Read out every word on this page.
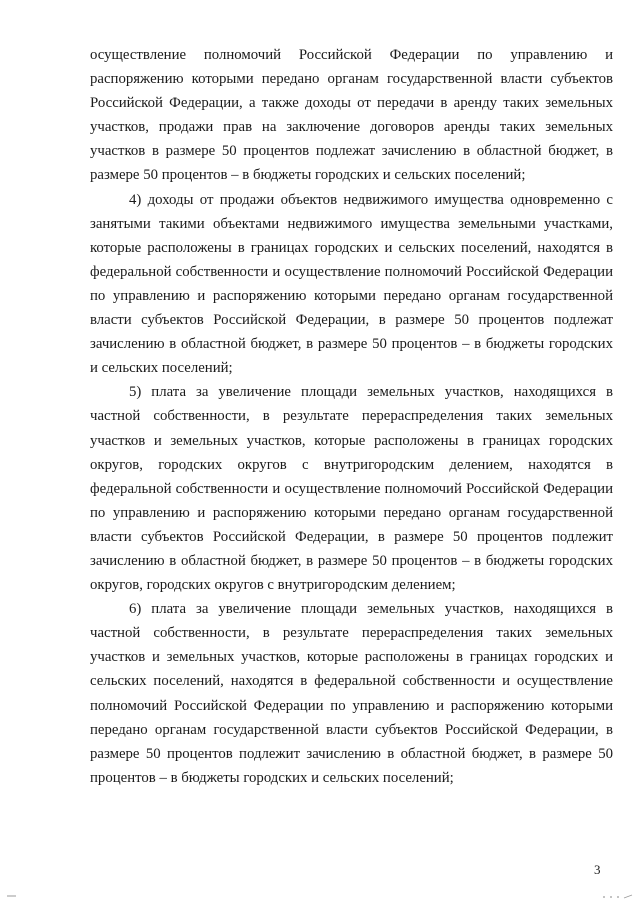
осуществление полномочий Российской Федерации по управлению и распоряжению которыми передано органам государственной власти субъектов Российской Федерации, а также доходы от передачи в аренду таких земельных участков, продажи прав на заключение договоров аренды таких земельных участков в размере 50 процентов подлежат зачислению в областной бюджет, в размере 50 процентов – в бюджеты городских и сельских поселений;

4) доходы от продажи объектов недвижимого имущества одновременно с занятыми такими объектами недвижимого имущества земельными участками, которые расположены в границах городских и сельских поселений, находятся в федеральной собственности и осуществление полномочий Российской Федерации по управлению и распоряжению которыми передано органам государственной власти субъектов Российской Федерации, в размере 50 процентов подлежат зачислению в областной бюджет, в размере 50 процентов – в бюджеты городских и сельских поселений;

5) плата за увеличение площади земельных участков, находящихся в частной собственности, в результате перераспределения таких земельных участков и земельных участков, которые расположены в границах городских округов, городских округов с внутригородским делением, находятся в федеральной собственности и осуществление полномочий Российской Федерации по управлению и распоряжению которыми передано органам государственной власти субъектов Российской Федерации, в размере 50 процентов подлежит зачислению в областной бюджет, в размере 50 процентов – в бюджеты городских округов, городских округов с внутригородским делением;

6) плата за увеличение площади земельных участков, находящихся в частной собственности, в результате перераспределения таких земельных участков и земельных участков, которые расположены в границах городских и сельских поселений, находятся в федеральной собственности и осуществление полномочий Российской Федерации по управлению и распоряжению которыми передано органам государственной власти субъектов Российской Федерации, в размере 50 процентов подлежит зачислению в областной бюджет, в размере 50 процентов – в бюджеты городских и сельских поселений;

3
